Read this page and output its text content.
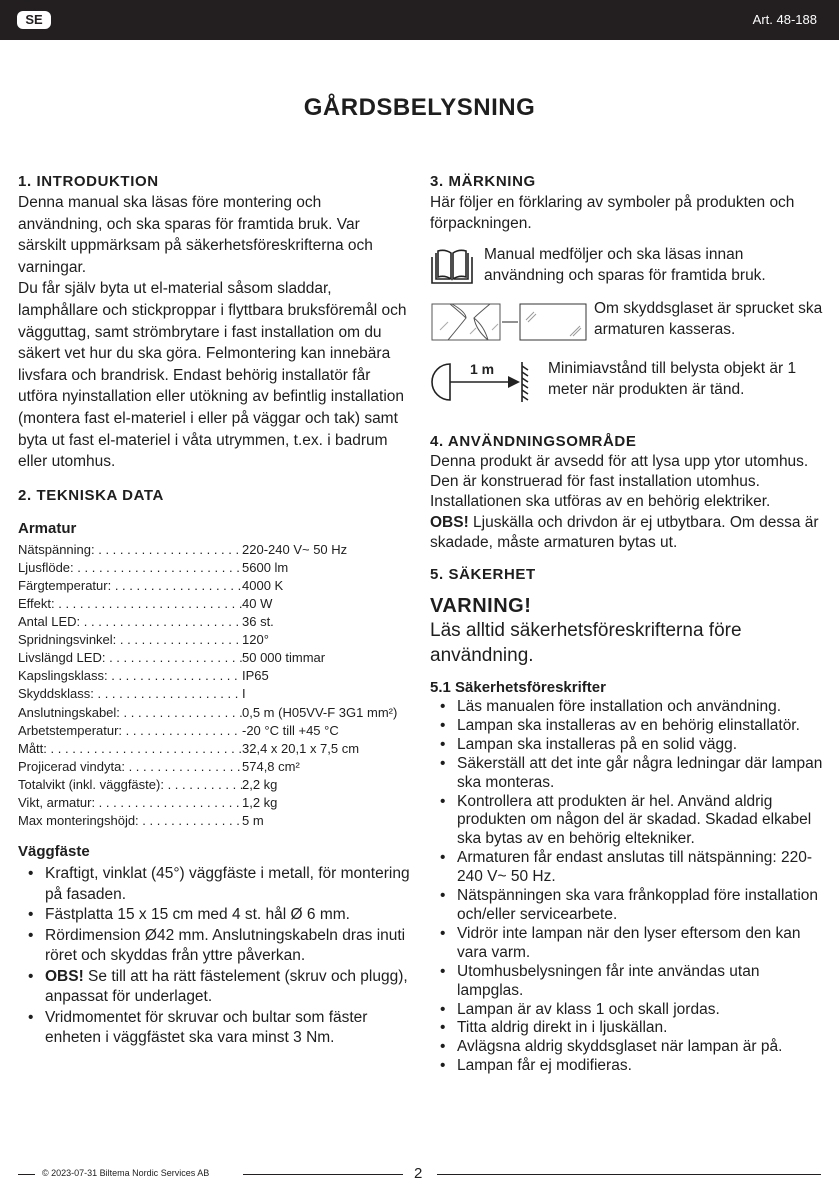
SE	Art. 48-188
GÅRDSBELYSNING
1. INTRODUKTION

Denna manual ska läsas före montering och användning, och ska sparas för framtida bruk. Var särskilt uppmärksam på säkerhetsföreskrifterna och varningar.

Du får själv byta ut el-material såsom sladdar, lamphållare och stickproppar i flyttbara bruksföremål och vägguttag, samt strömbrytare i fast installation om du säkert vet hur du ska göra. Felmontering kan innebära livsfara och brandrisk. Endast behörig installatör får utföra nyinstallation eller utökning av befintlig installation (montera fast el-materiel i eller på väggar och tak) samt byta ut fast el-materiel i våta utrymmen, t.ex. i badrum eller utomhus.

2. TEKNISKA DATA
Armatur
Nätspänning: . . .	220-240 V~ 50 Hz
Ljusflöde: . . .	5600 lm
Färgtemperatur: . . .	4000 K
Effekt: . . .	40 W
Antal LED: . . .	36 st.
Spridningsvinkel: . . .	120°
Livslängd LED: . . .	50 000 timmar
Kapslingsklass: . . .	IP65
Skyddsklass: . . .	I
Anslutningskabel: . . .	0,5 m (H05VV-F 3G1 mm²)
Arbetstemperatur: . . .	-20 °C till +45 °C
Mått: . . .	32,4 x 20,1 x 7,5 cm
Projicerad vindyta: . . .	574,8 cm²
Totalvikt (inkl. väggfäste): . . .	2,2 kg
Vikt, armatur: . . .	1,2 kg
Max monteringshöjd: . . .	5 m
Väggfäste
• Kraftigt, vinklat (45°) väggfäste i metall, för montering på fasaden.
• Fästplatta 15 x 15 cm med 4 st. hål Ø 6 mm.
• Rördimension Ø42 mm. Anslutningskabeln dras inuti röret och skyddas från yttre påverkan.
• OBS! Se till att ha rätt fästelement (skruv och plugg), anpassat för underlaget.
• Vridmomentet för skruvar och bultar som fäster enheten i väggfästet ska vara minst 3 Nm.
3. MÄRKNING

Här följer en förklaring av symboler på produkten och förpackningen.

Manual medföljer och ska läsas innan användning och sparas för framtida bruk.
Om skyddsglaset är sprucket ska armaturen kasseras.
1 m	Minimiavstånd till belysta objekt är 1 meter när produkten är tänd.
4. ANVÄNDNINGSOMRÅDE

Denna produkt är avsedd för att lysa upp ytor utomhus. Den är konstruerad för fast installation utomhus. Installationen ska utföras av en behörig elektriker.

OBS! Ljuskälla och drivdon är ej utbytbara. Om dessa är skadade, måste armaturen bytas ut.

5. SÄKERHET
VARNING!

Läs alltid säkerhetsföreskrifterna före användning.

5.1 Säkerhetsföreskrifter
• Läs manualen före installation och användning.
• Lampan ska installeras av en behörig elinstallatör.
• Lampan ska installeras på en solid vägg.
• Säkerställ att det inte går några ledningar där lampan ska monteras.
• Kontrollera att produkten är hel. Använd aldrig produkten om någon del är skadad. Skadad elkabel ska bytas av en behörig eltekniker.
• Armaturen får endast anslutas till nätspänning: 220-240 V~ 50 Hz.
• Nätspänningen ska vara frånkopplad före installation och/eller servicearbete.
• Vidrör inte lampan när den lyser eftersom den kan vara varm.
• Utomhusbelysningen får inte användas utan lampglas.
• Lampan är av klass 1 och skall jordas.
• Titta aldrig direkt in i ljuskällan.
• Avlägsna aldrig skyddsglaset när lampan är på.
• Lampan får ej modifieras.
© 2023-07-31 Biltema Nordic Services AB	2
